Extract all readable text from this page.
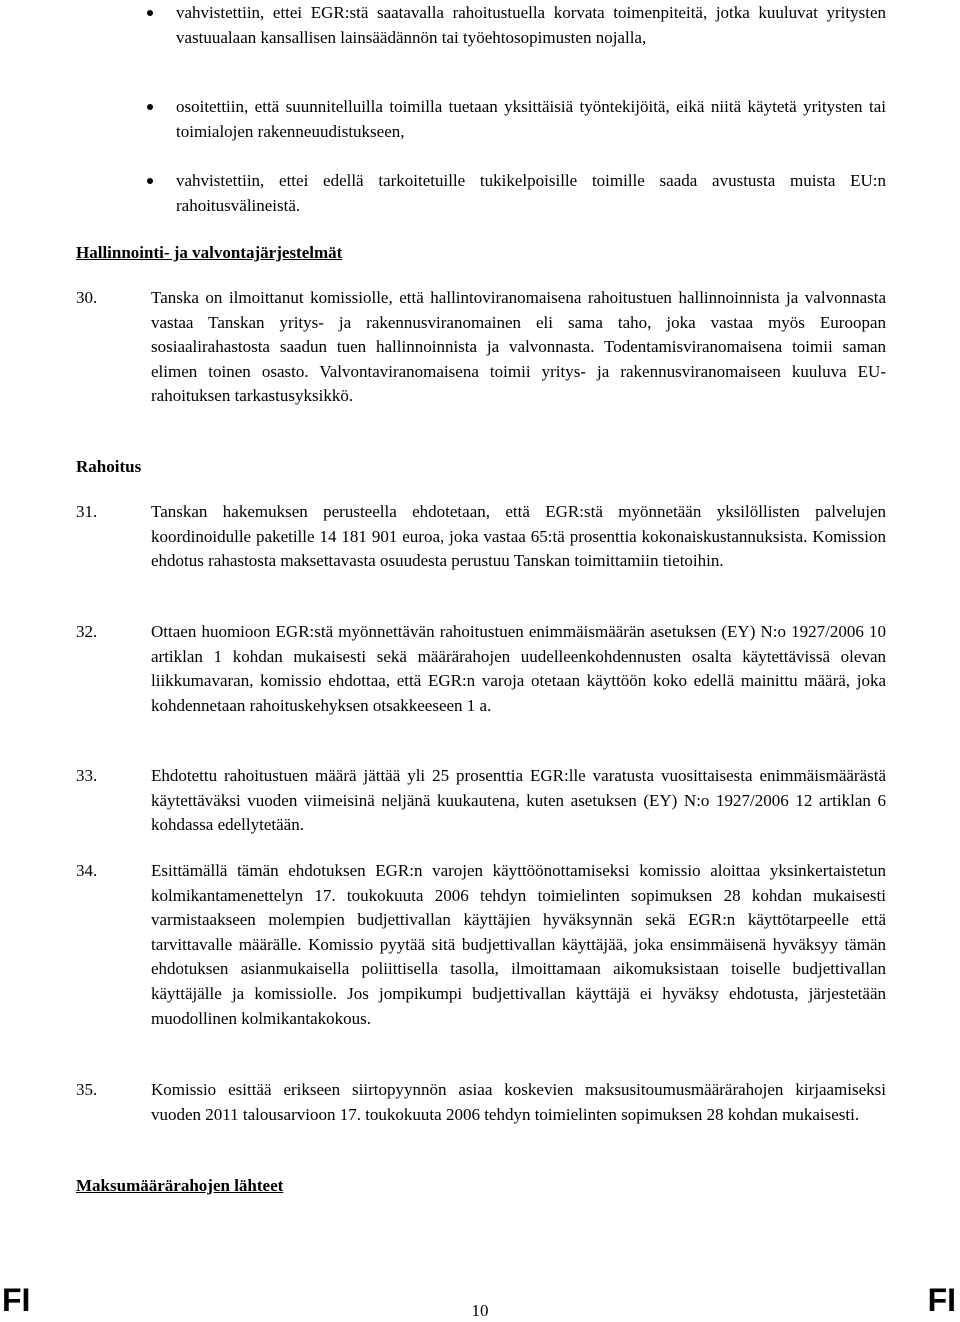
vahvistettiin, ettei EGR:stä saatavalla rahoitustuella korvata toimenpiteitä, jotka kuuluvat yritysten vastuualaan kansallisen lainsäädännön tai työehtosopimusten nojalla,
osoitettiin, että suunnitelluilla toimilla tuetaan yksittäisiä työntekijöitä, eikä niitä käytetä yritysten tai toimialojen rakenneuudistukseen,
vahvistettiin, ettei edellä tarkoitetuille tukikelpoisille toimille saada avustusta muista EU:n rahoitusvälineistä.
Hallinnointi- ja valvontajärjestelmät
30.	Tanska on ilmoittanut komissiolle, että hallintoviranomaisena rahoitustuen hallinnoinnista ja valvonnasta vastaa Tanskan yritys- ja rakennusviranomainen eli sama taho, joka vastaa myös Euroopan sosiaalirahastosta saadun tuen hallinnoinnista ja valvonnasta. Todentamisviranomaisena toimii saman elimen toinen osasto. Valvontaviranomaisena toimii yritys- ja rakennusviranomaiseen kuuluva EU-rahoituksen tarkastusyksikkö.
Rahoitus
31.	Tanskan hakemuksen perusteella ehdotetaan, että EGR:stä myönnetään yksilöllisten palvelujen koordinoidulle paketille 14 181 901 euroa, joka vastaa 65:tä prosenttia kokonaiskustannuksista. Komission ehdotus rahastosta maksettavasta osuudesta perustuu Tanskan toimittamiin tietoihin.
32.	Ottaen huomioon EGR:stä myönnettävän rahoitustuen enimmäismäärän asetuksen (EY) N:o 1927/2006 10 artiklan 1 kohdan mukaisesti sekä määrärahojen uudelleenkohdennusten osalta käytettävissä olevan liikkumavaran, komissio ehdottaa, että EGR:n varoja otetaan käyttöön koko edellä mainittu määrä, joka kohdennetaan rahoituskehyksen otsakkeeseen 1 a.
33.	Ehdotettu rahoitustuen määrä jättää yli 25 prosenttia EGR:lle varatusta vuosittaisesta enimmäismäärästä käytettäväksi vuoden viimeisinä neljänä kuukautena, kuten asetuksen (EY) N:o 1927/2006 12 artiklan 6 kohdassa edellytetään.
34.	Esittämällä tämän ehdotuksen EGR:n varojen käyttöönottamiseksi komissio aloittaa yksinkertaistetun kolmikantamenettelyn 17. toukokuuta 2006 tehdyn toimielinten sopimuksen 28 kohdan mukaisesti varmistaakseen molempien budjettivallan käyttäjien hyväksynnän sekä EGR:n käyttötarpeelle että tarvittavalle määrälle. Komissio pyytää sitä budjettivallan käyttäjää, joka ensimmäisenä hyväksyy tämän ehdotuksen asianmukaisella poliittisella tasolla, ilmoittamaan aikomuksistaan toiselle budjettivallan käyttäjälle ja komissiolle. Jos jompikumpi budjettivallan käyttäjä ei hyväksy ehdotusta, järjestetään muodollinen kolmikantakokous.
35.	Komissio esittää erikseen siirtopyynnön asiaa koskevien maksusitoumusmäärärahojen kirjaamiseksi vuoden 2011 talousarvioon 17. toukokuuta 2006 tehdyn toimielinten sopimuksen 28 kohdan mukaisesti.
Maksumäärärahojen lähteet
FI	10	FI
